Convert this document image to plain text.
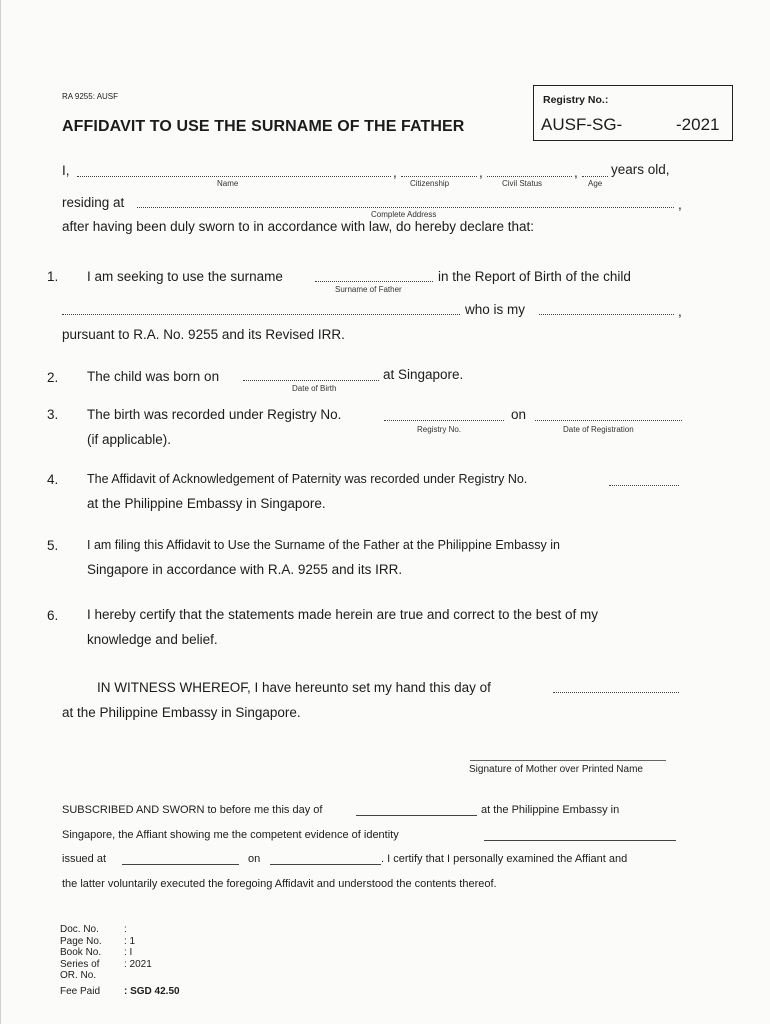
RA 9255: AUSF
AFFIDAVIT TO USE THE SURNAME OF THE FATHER
Registry No.:
AUSF-SG-	-2021
I,	,	,	, years old,
Name	Citizenship	Civil Status	Age
residing at	,
Complete Address
after having been duly sworn to in accordance with law, do hereby declare that:
1. I am seeking to use the surname	in the Report of Birth of the child
Surname of Father
who is my	,
pursuant to R.A. No. 9255 and its Revised IRR.
2. The child was born on	at Singapore.
Date of Birth
3. The birth was recorded under Registry No.	on
Registry No.	Date of Registration
(if applicable).
4. The Affidavit of Acknowledgement of Paternity was recorded under Registry No.
at the Philippine Embassy in Singapore.
5. I am filing this Affidavit to Use the Surname of the Father at the Philippine Embassy in
Singapore in accordance with R.A. 9255 and its IRR.
6. I hereby certify that the statements made herein are true and correct to the best of my
knowledge and belief.
IN WITNESS WHEREOF, I have hereunto set my hand this day of
at the Philippine Embassy in Singapore.
Signature of Mother over Printed Name
SUBSCRIBED AND SWORN to before me this day of	at the Philippine Embassy in
Singapore, the Affiant showing me the competent evidence of identity
issued at	on	. I certify that I personally examined the Affiant and
the latter voluntarily executed the foregoing Affidavit and understood the contents thereof.
Doc. No.	:
Page No.	: 1
Book No.	: I
Series of	: 2021
OR. No.	
Fee Paid	: SGD 42.50
